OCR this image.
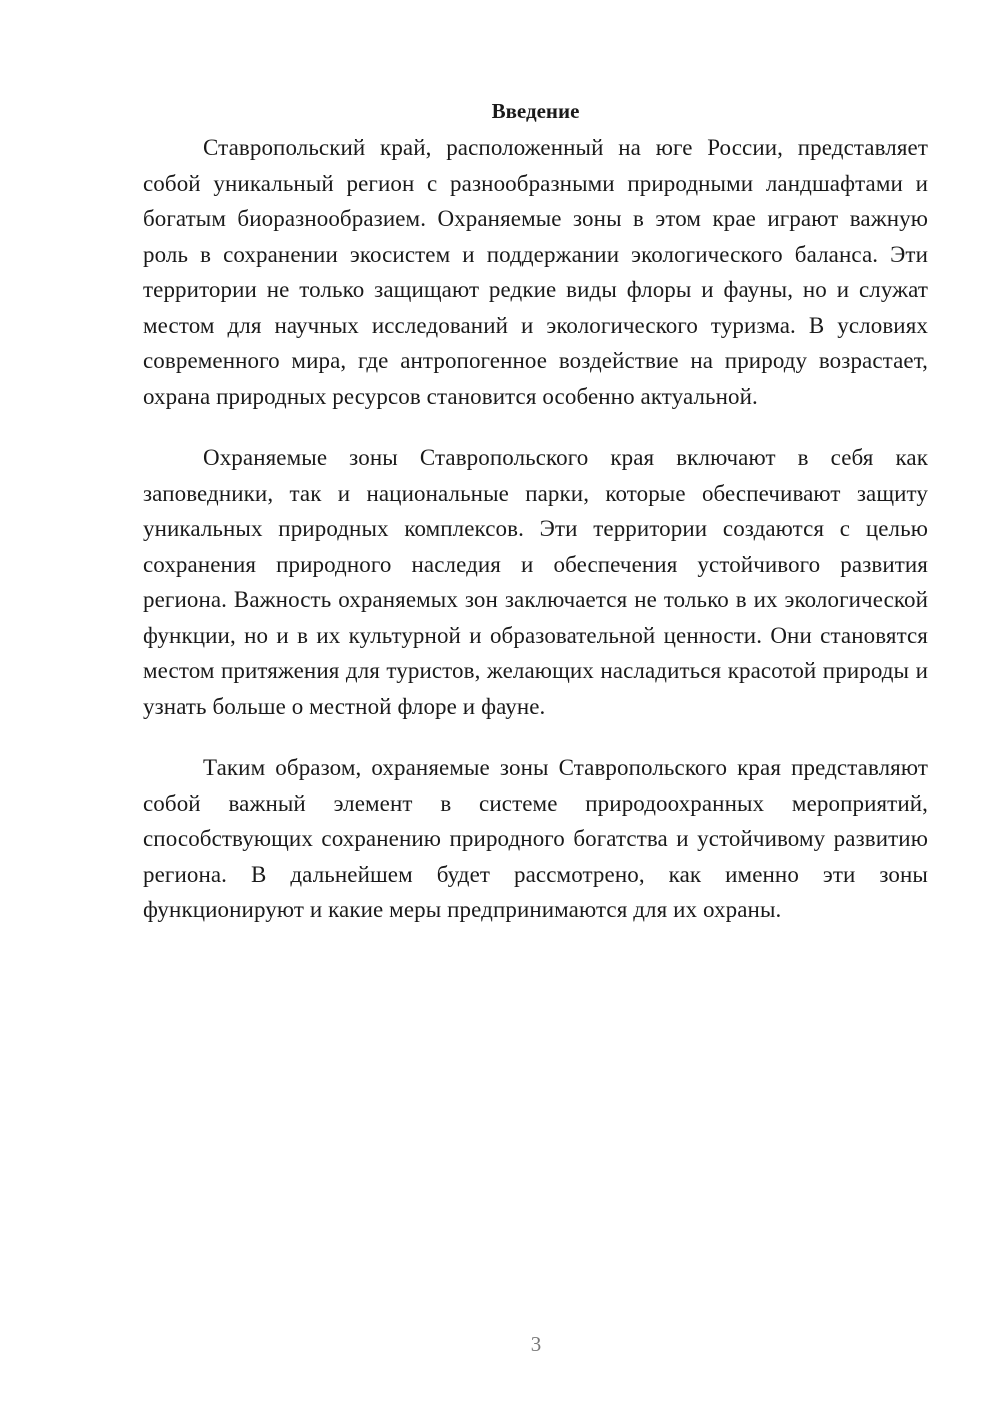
Введение

Ставропольский край, расположенный на юге России, представляет собой уникальный регион с разнообразными природными ландшафтами и богатым биоразнообразием. Охраняемые зоны в этом крае играют важную роль в сохранении экосистем и поддержании экологического баланса. Эти территории не только защищают редкие виды флоры и фауны, но и служат местом для научных исследований и экологического туризма. В условиях современного мира, где антропогенное воздействие на природу возрастает, охрана природных ресурсов становится особенно актуальной.

Охраняемые зоны Ставропольского края включают в себя как заповедники, так и национальные парки, которые обеспечивают защиту уникальных природных комплексов. Эти территории создаются с целью сохранения природного наследия и обеспечения устойчивого развития региона. Важность охраняемых зон заключается не только в их экологической функции, но и в их культурной и образовательной ценности. Они становятся местом притяжения для туристов, желающих насладиться красотой природы и узнать больше о местной флоре и фауне.

Таким образом, охраняемые зоны Ставропольского края представляют собой важный элемент в системе природоохранных мероприятий, способствующих сохранению природного богатства и устойчивому развитию региона. В дальнейшем будет рассмотрено, как именно эти зоны функционируют и какие меры предпринимаются для их охраны.

3
